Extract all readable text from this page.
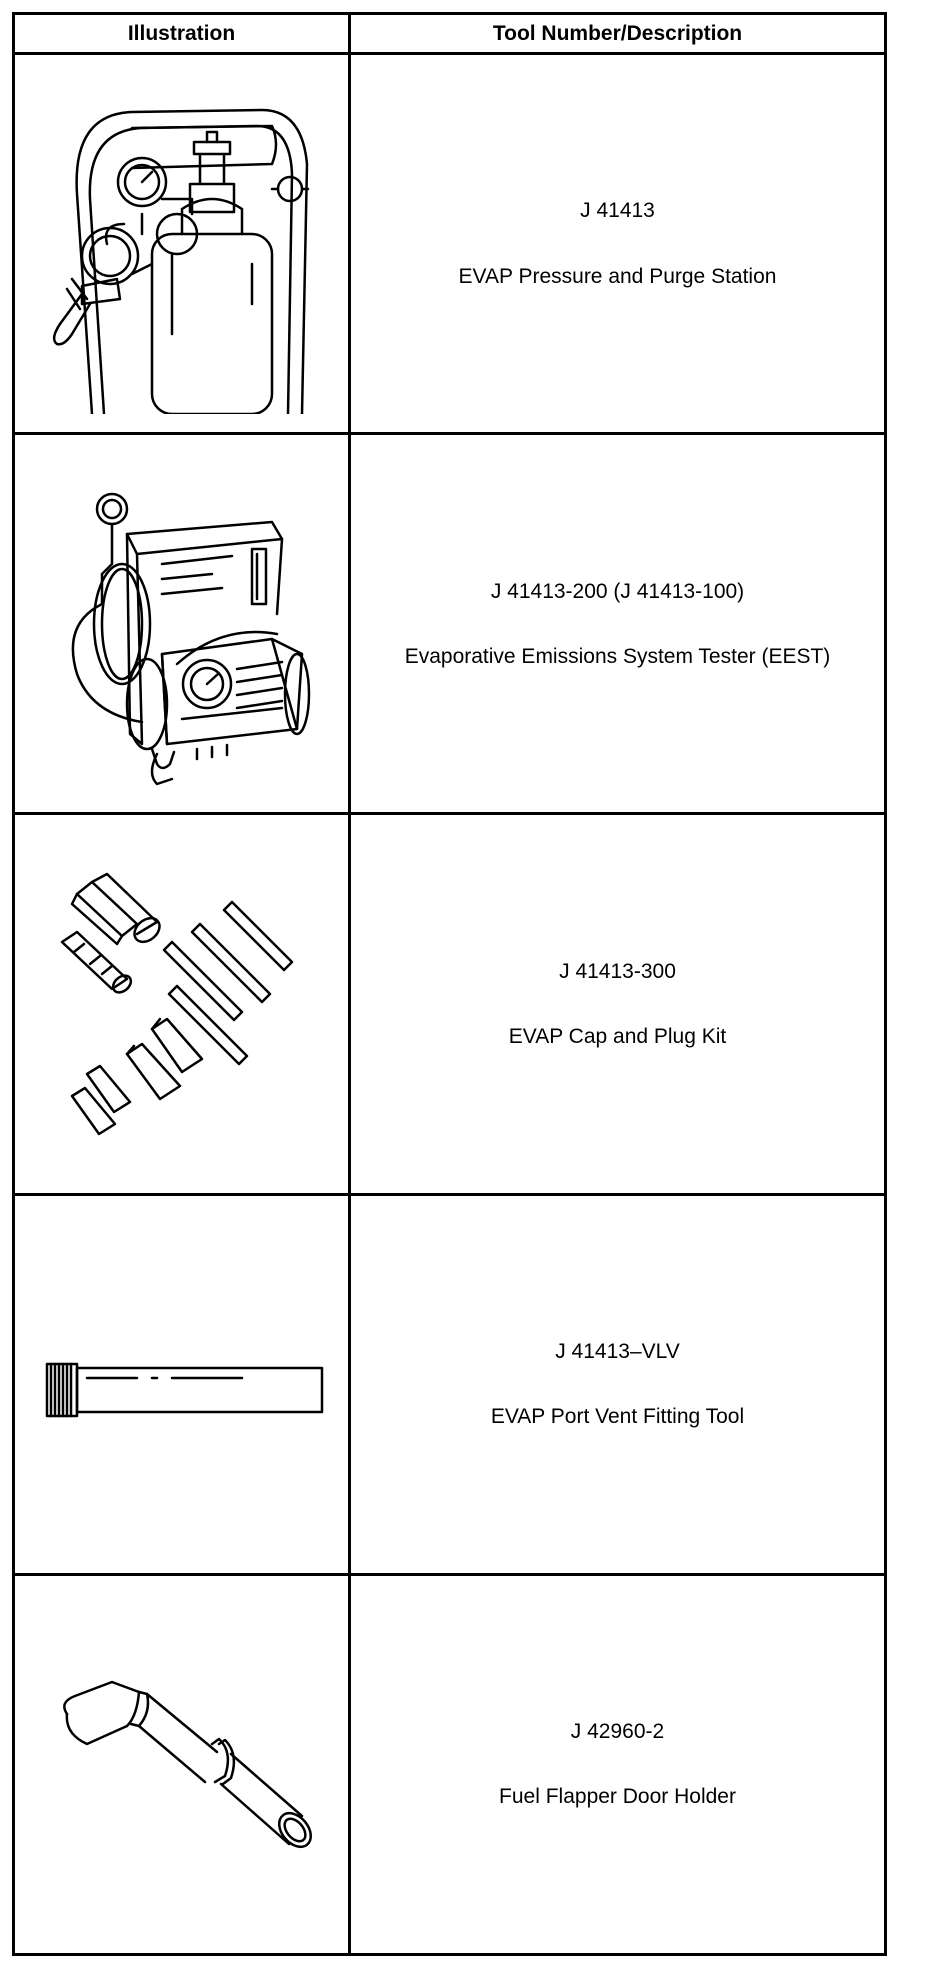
Illustration	Tool Number/Description

J 41413
EVAP Pressure and Purge Station

J 41413-200 (J 41413-100)
Evaporative Emissions System Tester (EEST)

J 41413-300
EVAP Cap and Plug Kit

J 41413–VLV
EVAP Port Vent Fitting Tool

J 42960-2
Fuel Flapper Door Holder
